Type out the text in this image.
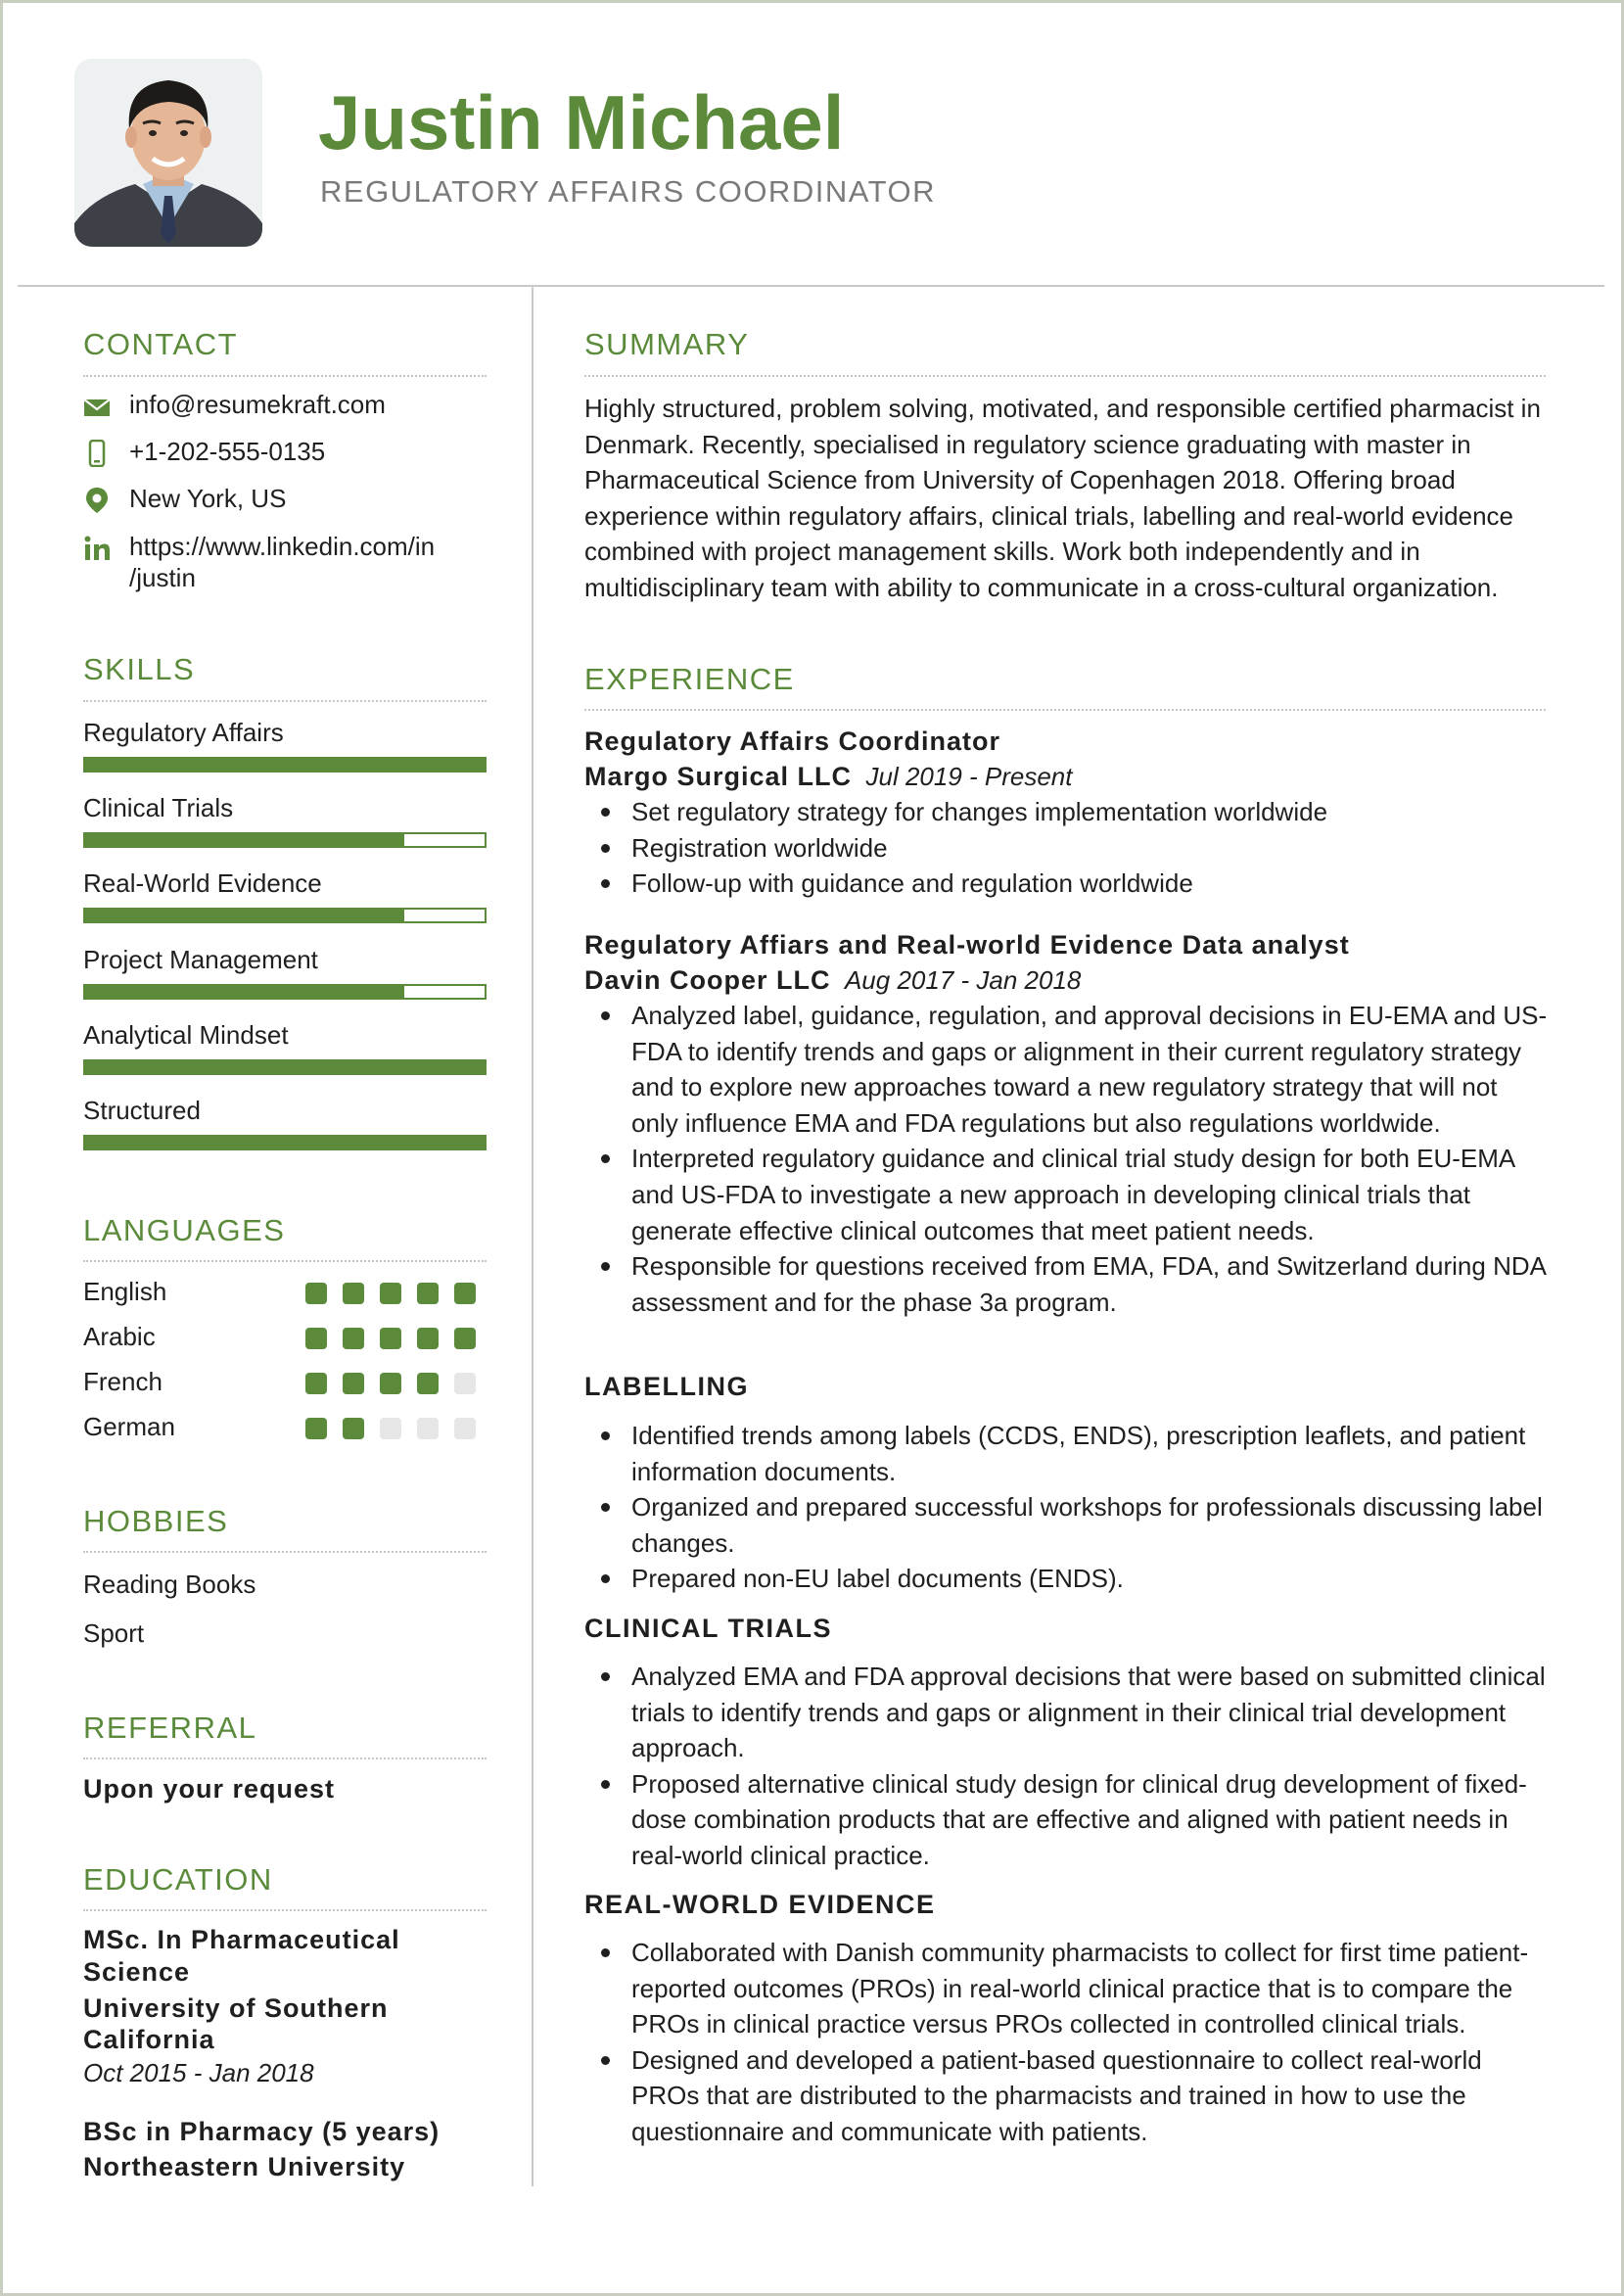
Justin Michael
REGULATORY AFFAIRS COORDINATOR
CONTACT
info@resumekraft.com
+1-202-555-0135
New York, US
https://www.linkedin.com/in
/justin
SKILLS
Regulatory Affairs
Clinical Trials
Real-World Evidence
Project Management
Analytical Mindset
Structured
LANGUAGES
English
Arabic
French
German
HOBBIES
Reading Books
Sport
REFERRAL
Upon your request
EDUCATION
MSc. In Pharmaceutical
Science
University of Southern
California
Oct 2015 - Jan 2018
BSc in Pharmacy (5 years)
Northeastern University
SUMMARY
Highly structured, problem solving, motivated, and responsible certified pharmacist in Denmark. Recently, specialised in regulatory science graduating with master in Pharmaceutical Science from University of Copenhagen 2018. Offering broad experience within regulatory affairs, clinical trials, labelling and real-world evidence combined with project management skills. Work both independently and in multidisciplinary team with ability to communicate in a cross-cultural organization.
EXPERIENCE
Regulatory Affairs Coordinator
Margo Surgical LLC Jul 2019 - Present
Set regulatory strategy for changes implementation worldwide
Registration worldwide
Follow-up with guidance and regulation worldwide
Regulatory Affiars and Real-world Evidence Data analyst
Davin Cooper LLC Aug 2017 - Jan 2018
Analyzed label, guidance, regulation, and approval decisions in EU-EMA and US-FDA to identify trends and gaps or alignment in their current regulatory strategy and to explore new approaches toward a new regulatory strategy that will not only influence EMA and FDA regulations but also regulations worldwide.
Interpreted regulatory guidance and clinical trial study design for both EU-EMA and US-FDA to investigate a new approach in developing clinical trials that generate effective clinical outcomes that meet patient needs.
Responsible for questions received from EMA, FDA, and Switzerland during NDA assessment and for the phase 3a program.
LABELLING
Identified trends among labels (CCDS, ENDS), prescription leaflets, and patient information documents.
Organized and prepared successful workshops for professionals discussing label changes.
Prepared non-EU label documents (ENDS).
CLINICAL TRIALS
Analyzed EMA and FDA approval decisions that were based on submitted clinical trials to identify trends and gaps or alignment in their clinical trial development approach.
Proposed alternative clinical study design for clinical drug development of fixed-dose combination products that are effective and aligned with patient needs in real-world clinical practice.
REAL-WORLD EVIDENCE
Collaborated with Danish community pharmacists to collect for first time patient-reported outcomes (PROs) in real-world clinical practice that is to compare the PROs in clinical practice versus PROs collected in controlled clinical trials.
Designed and developed a patient-based questionnaire to collect real-world PROs that are distributed to the pharmacists and trained in how to use the questionnaire and communicate with patients.
